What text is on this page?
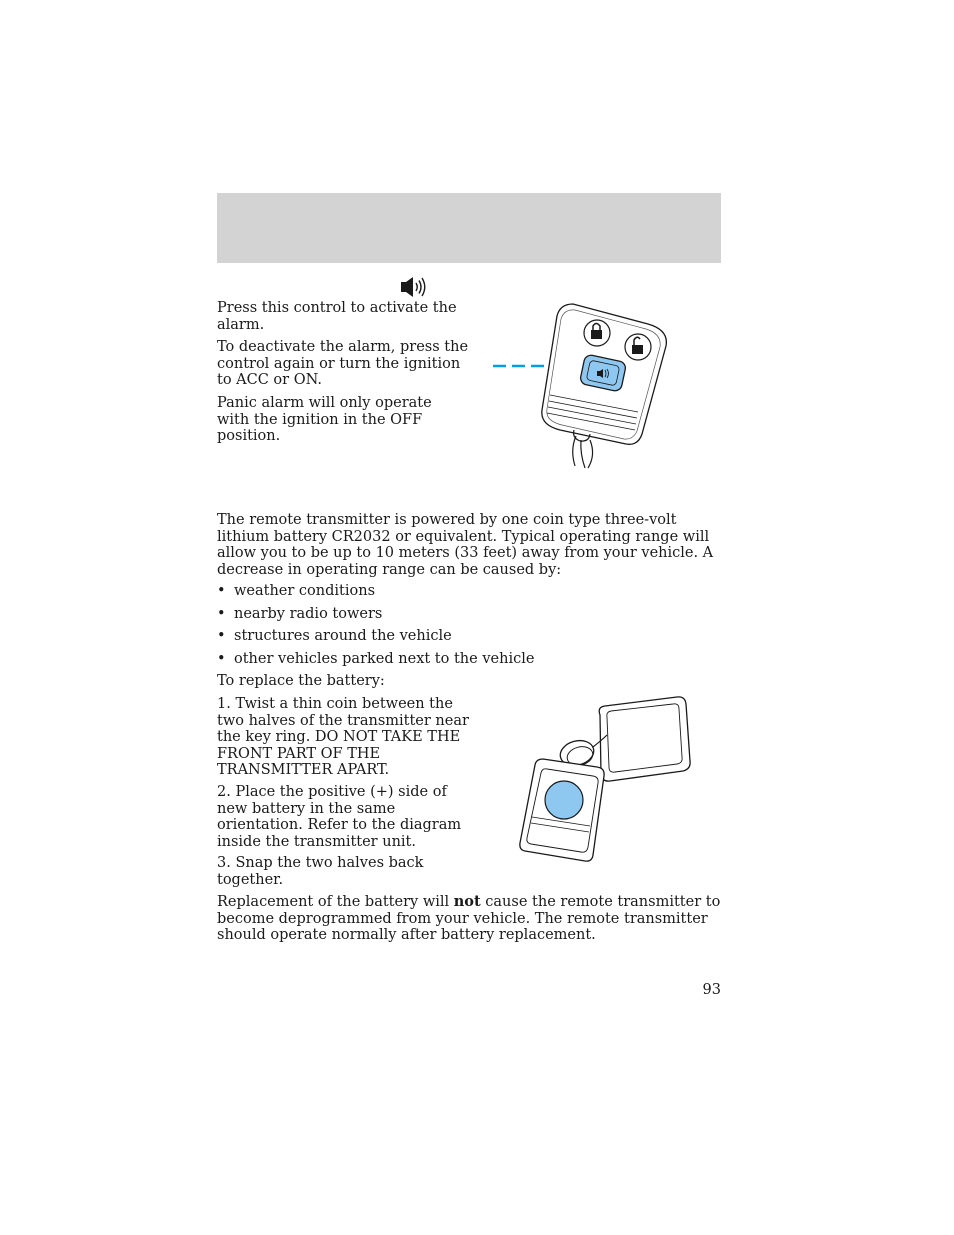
Press this control to activate the alarm.

To deactivate the alarm, press the control again or turn the ignition to ACC or ON.

Panic alarm will only operate with the ignition in the OFF position.

The remote transmitter is powered by one coin type three-volt lithium battery CR2032 or equivalent. Typical operating range will allow you to be up to 10 meters (33 feet) away from your vehicle. A decrease in operating range can be caused by:

• weather conditions
• nearby radio towers
• structures around the vehicle
• other vehicles parked next to the vehicle

To replace the battery:

1. Twist a thin coin between the two halves of the transmitter near the key ring. DO NOT TAKE THE FRONT PART OF THE TRANSMITTER APART.

2. Place the positive (+) side of new battery in the same orientation. Refer to the diagram inside the transmitter unit.

3. Snap the two halves back together.

Replacement of the battery will not cause the remote transmitter to become deprogrammed from your vehicle. The remote transmitter should operate normally after battery replacement.

93
